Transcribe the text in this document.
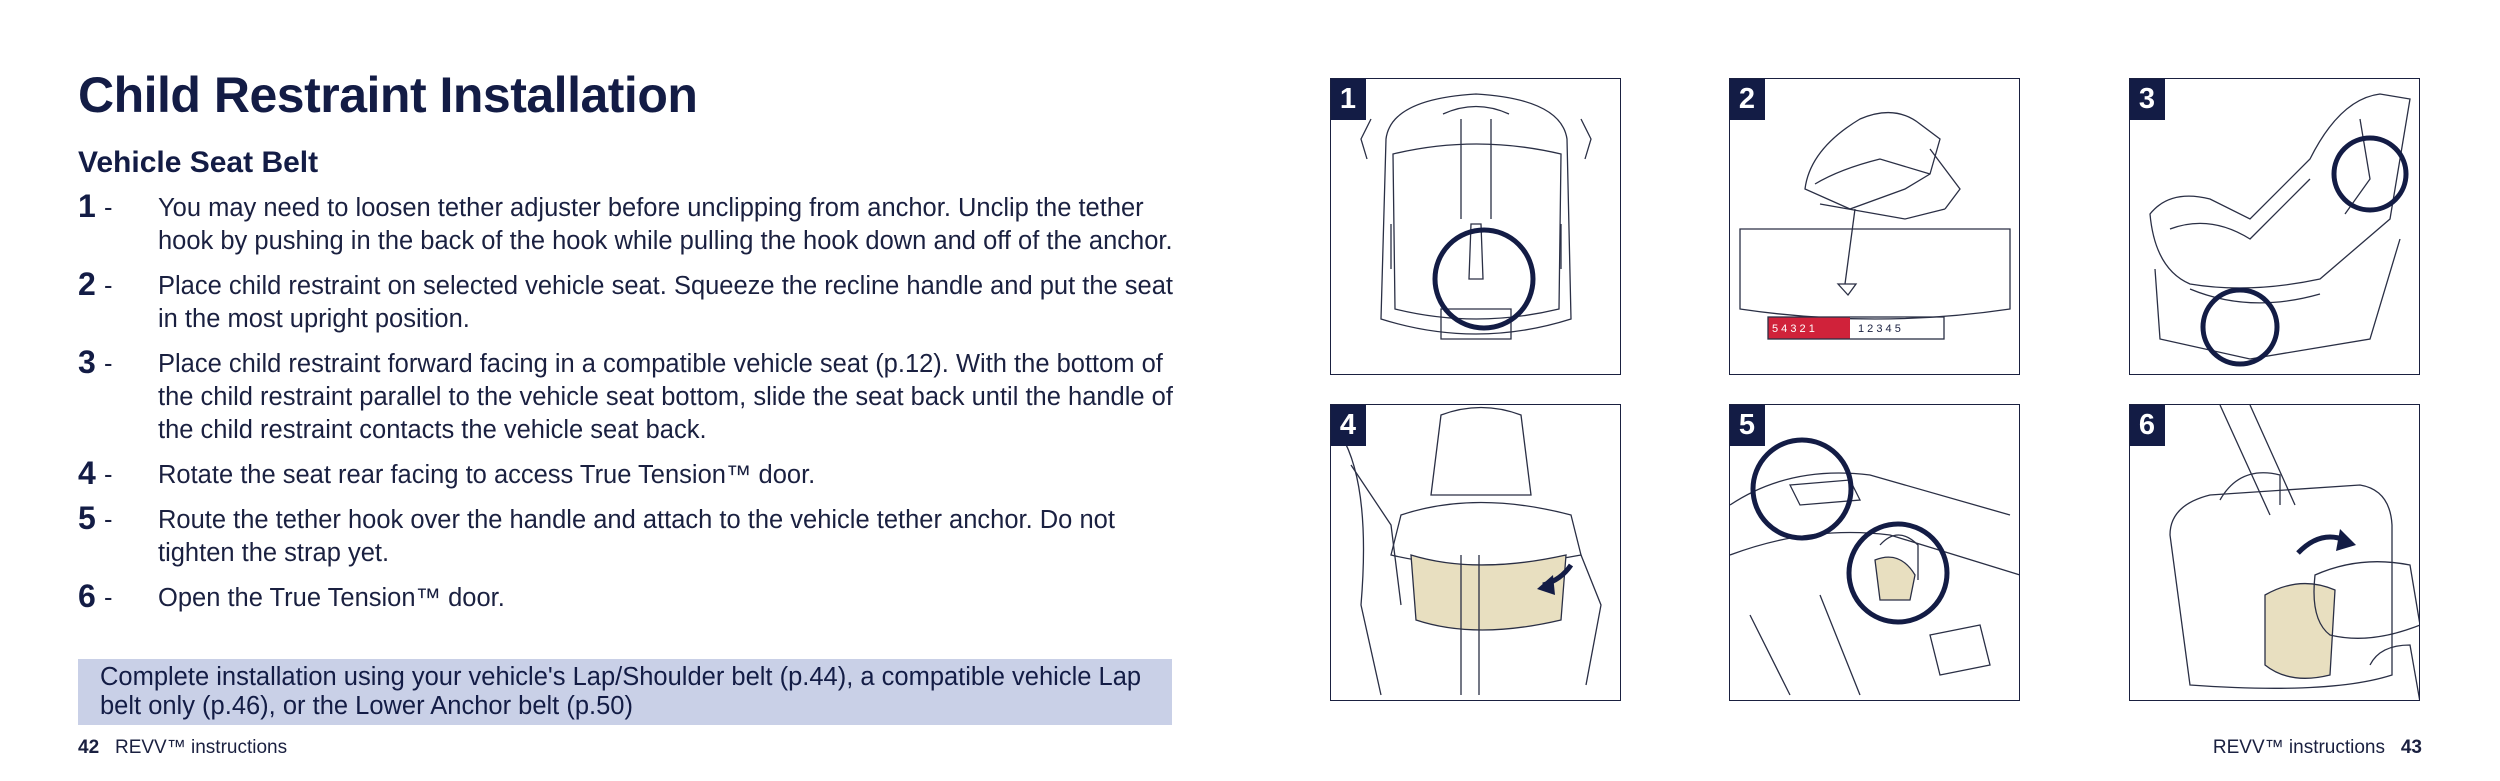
Child Restraint Installation
Vehicle Seat Belt
1 -	You may need to loosen tether adjuster before unclipping from anchor. Unclip the tether hook by pushing in the back of the hook while pulling the hook down and off of the anchor.
2 -	Place child restraint on selected vehicle seat. Squeeze the recline handle and put the seat in the most upright position.
3 -	Place child restraint forward facing in a compatible vehicle seat (p.12). With the bottom of the child restraint parallel to the vehicle seat bottom, slide the seat back until the handle of the child restraint contacts the vehicle seat back.
4 -	Rotate the seat rear facing to access True Tension™ door.
5 -	Route the tether hook over the handle and attach to the vehicle tether anchor. Do not tighten the strap yet.
6 -	Open the True Tension™ door.
Complete installation using your vehicle's Lap/Shoulder belt (p.44), a compatible vehicle Lap belt only (p.46), or the Lower Anchor belt (p.50)
42 REVV™ instructions	REVV™ instructions 43
1	2
5 4 3 2 1	1 2 3 4 5
3
4	5	6
